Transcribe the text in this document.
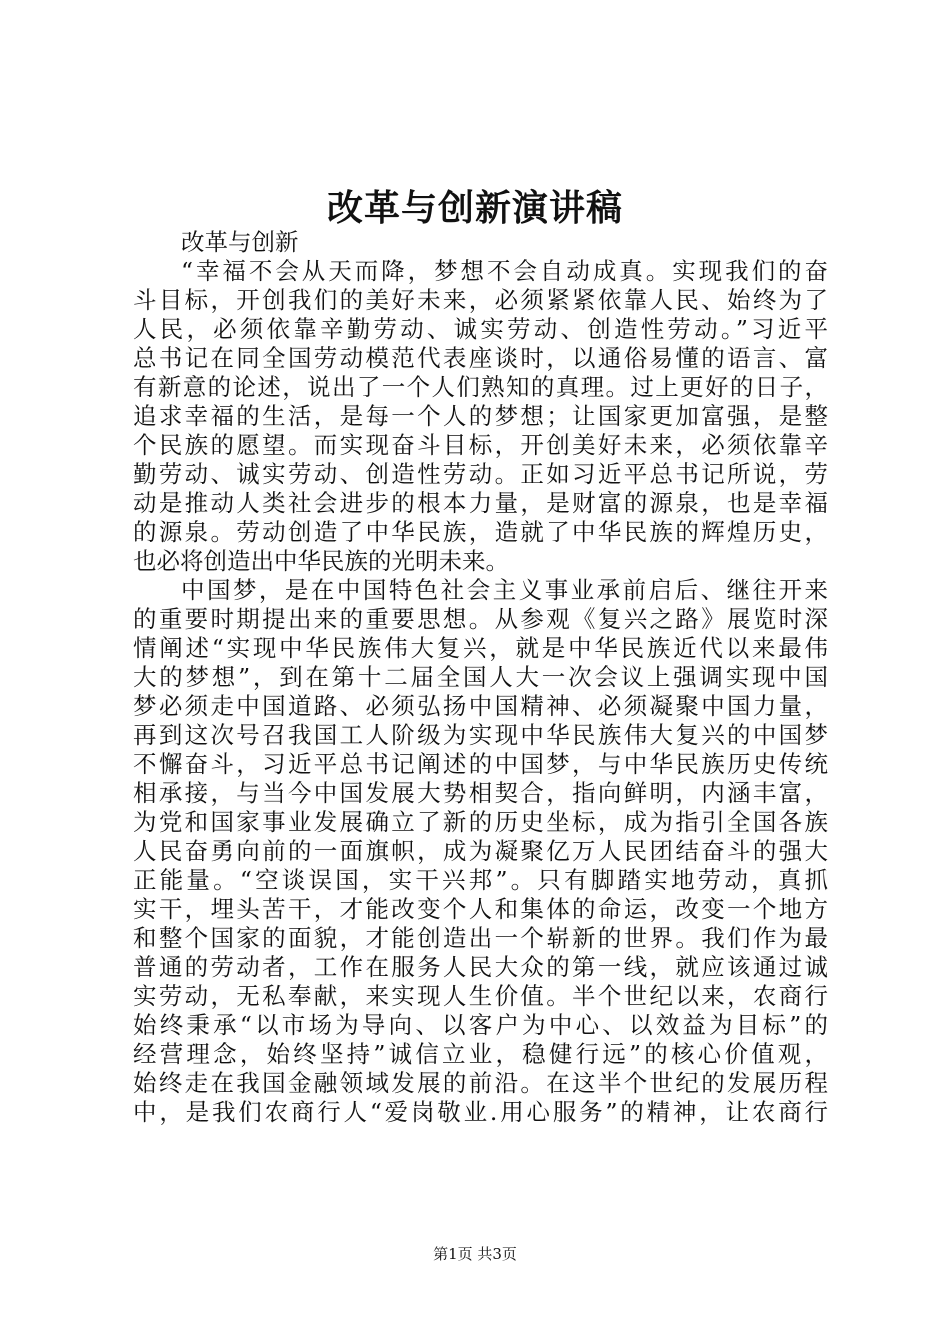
改革与创新演讲稿
改革与创新
“幸福不会从天而降，梦想不会自动成真。实现我们的奋
斗目标，开创我们的美好未来，必须紧紧依靠人民、始终为了
人民，必须依靠辛勤劳动、诚实劳动、创造性劳动。”习近平
总书记在同全国劳动模范代表座谈时，以通俗易懂的语言、富
有新意的论述，说出了一个人们熟知的真理。过上更好的日子，
追求幸福的生活，是每一个人的梦想；让国家更加富强，是整
个民族的愿望。而实现奋斗目标，开创美好未来，必须依靠辛
勤劳动、诚实劳动、创造性劳动。正如习近平总书记所说，劳
动是推动人类社会进步的根本力量，是财富的源泉，也是幸福
的源泉。劳动创造了中华民族，造就了中华民族的辉煌历史，
也必将创造出中华民族的光明未来。
中国梦，是在中国特色社会主义事业承前启后、继往开来
的重要时期提出来的重要思想。从参观《复兴之路》展览时深
情阐述“实现中华民族伟大复兴，就是中华民族近代以来最伟
大的梦想”，到在第十二届全国人大一次会议上强调实现中国
梦必须走中国道路、必须弘扬中国精神、必须凝聚中国力量，
再到这次号召我国工人阶级为实现中华民族伟大复兴的中国梦
不懈奋斗，习近平总书记阐述的中国梦，与中华民族历史传统
相承接，与当今中国发展大势相契合，指向鲜明，内涵丰富，
为党和国家事业发展确立了新的历史坐标，成为指引全国各族
人民奋勇向前的一面旗帜，成为凝聚亿万人民团结奋斗的强大
正能量。“空谈误国，实干兴邦”。只有脚踏实地劳动，真抓
实干，埋头苦干，才能改变个人和集体的命运，改变一个地方
和整个国家的面貌，才能创造出一个崭新的世界。我们作为最
普通的劳动者，工作在服务人民大众的第一线，就应该通过诚
实劳动，无私奉献，来实现人生价值。半个世纪以来，农商行
始终秉承“以市场为导向、以客户为中心、以效益为目标”的
经营理念，始终坚持”诚信立业，稳健行远”的核心价值观，
始终走在我国金融领域发展的前沿。在这半个世纪的发展历程
中，是我们农商行人“爱岗敬业.用心服务”的精神，让农商行
第1页 共3页
